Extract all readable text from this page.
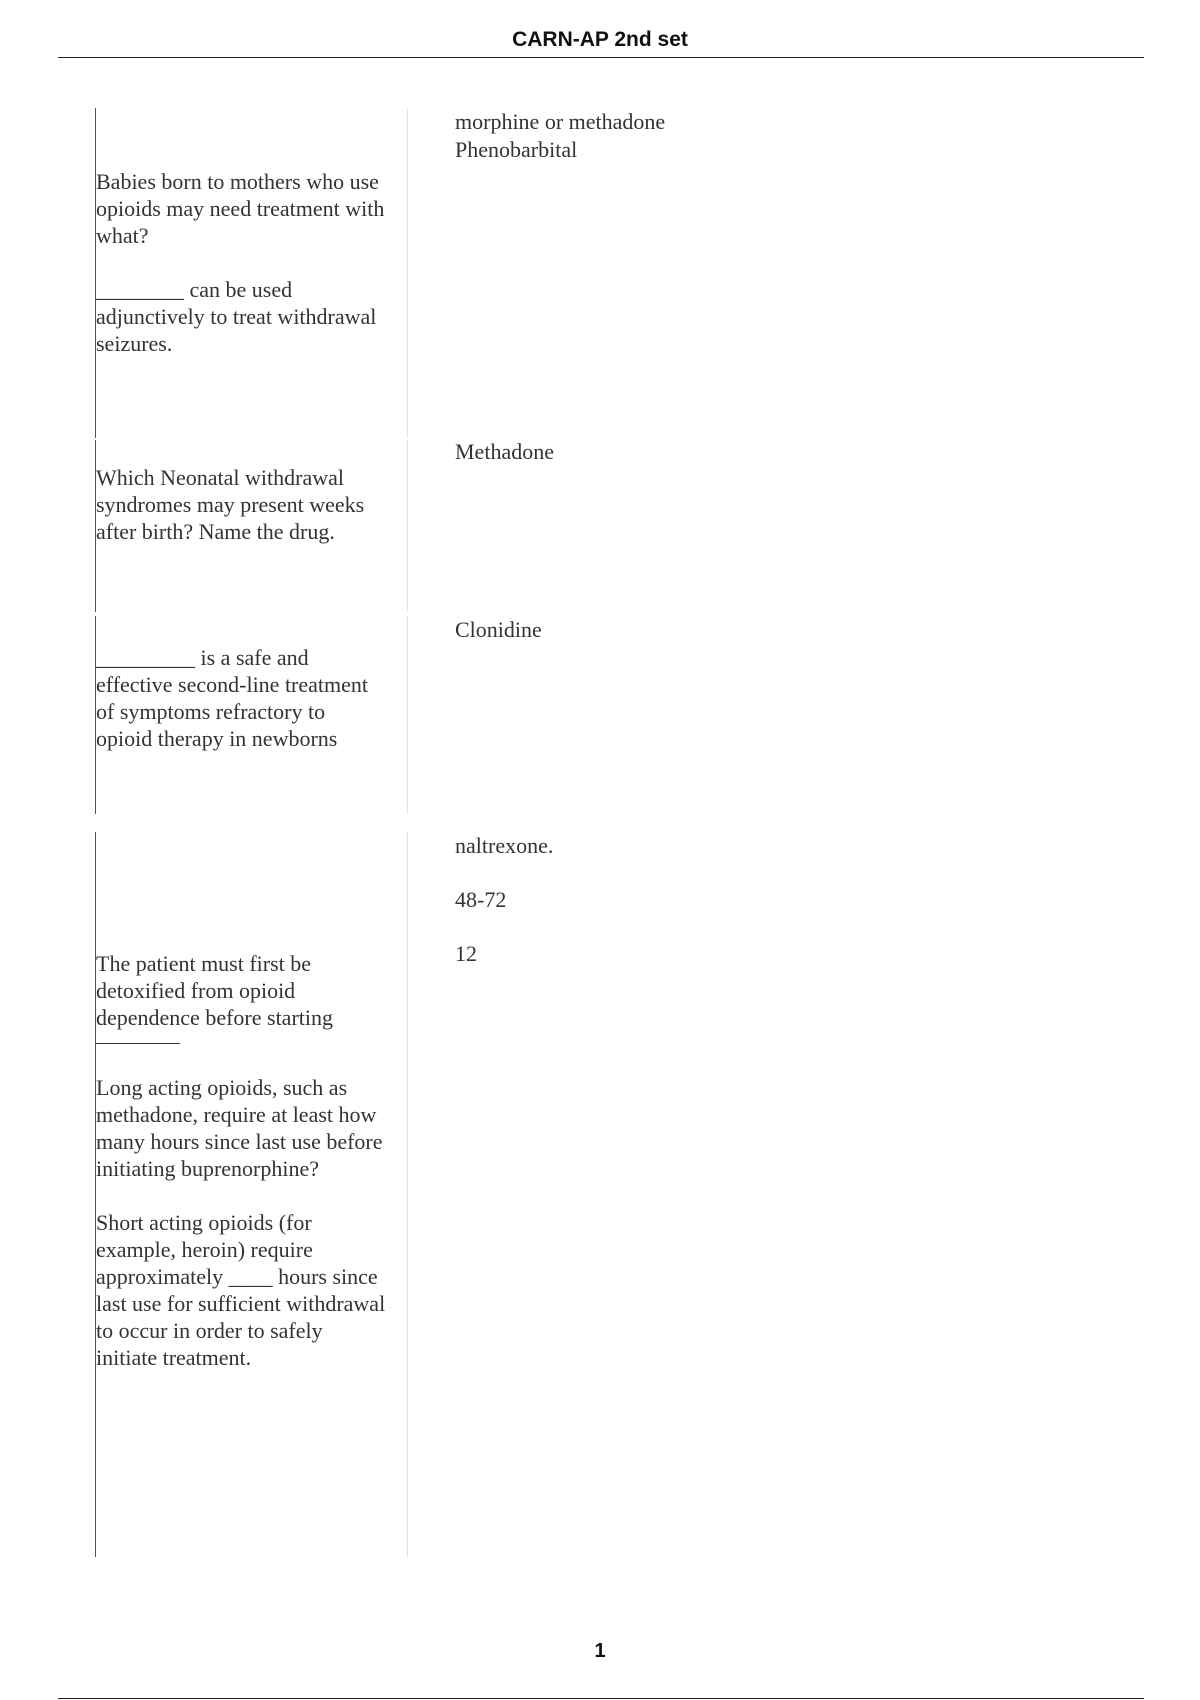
CARN-AP 2nd set

Babies born to mothers who use opioids may need treatment with what?

________ can be used adjunctively to treat withdrawal seizures.

morphine or methadone

Phenobarbital

Which Neonatal withdrawal syndromes may present weeks after birth? Name the drug.

Methadone

_________ is a safe and effective second-line treatment of symptoms refractory to opioid therapy in newborns

Clonidine

The patient must first be detoxified from opioid dependence before starting

Long acting opioids, such as methadone, require at least how many hours since last use before initiating buprenorphine?

Short acting opioids (for example, heroin) require approximately ____ hours since last use for sufficient withdrawal to occur in order to safely initiate treatment.

naltrexone.

48-72

12

1
